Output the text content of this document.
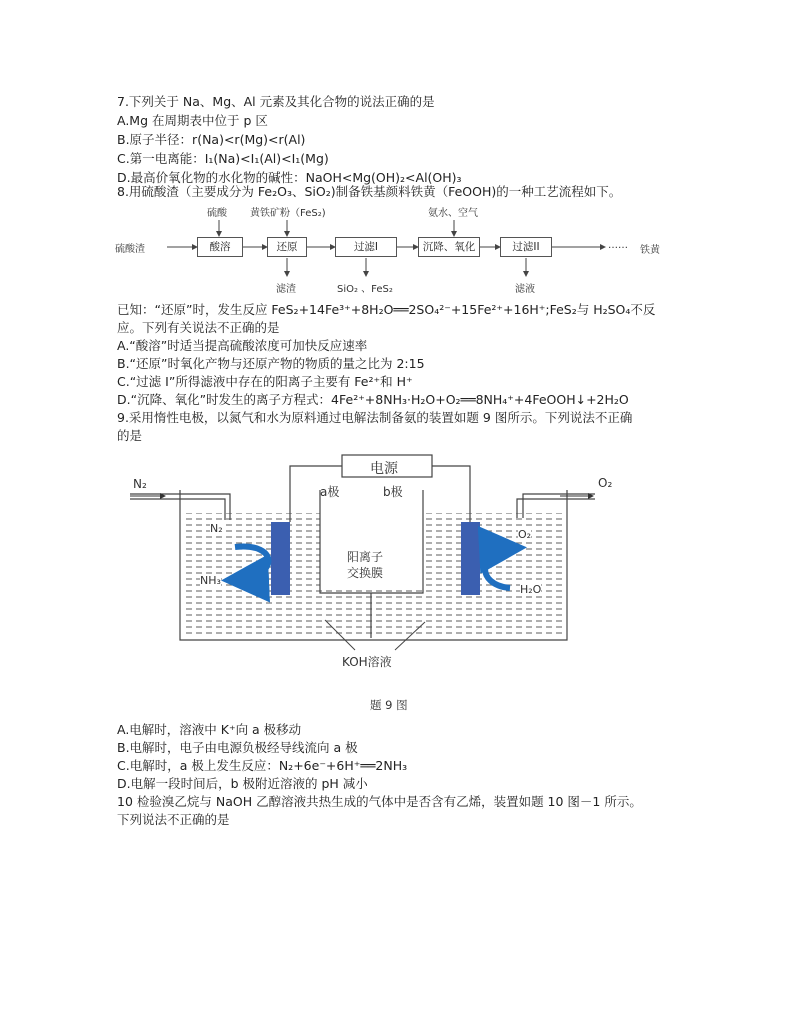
7.下列关于 Na、Mg、Al 元素及其化合物的说法正确的是
A.Mg 在周期表中位于 p 区
B.原子半径：r(Na)<r(Mg)<r(Al)
C.第一电离能：I₁(Na)<I₁(Al)<I₁(Mg)
D.最高价氧化物的水化物的碱性：NaOH<Mg(OH)₂<Al(OH)₃
8.用硫酸渣（主要成分为 Fe₂O₃、SiO₂)制备铁基颜料铁黄（FeOOH)的一种工艺流程如下。
硫酸渣	酸溶	还原	过滤I	沉降、氧化	过滤II	…… 铁黄
硫酸 黄铁矿粉（FeS₂)	氨水、空气
滤渣	SiO₂ 、FeS₂	滤液
已知：“还原”时，发生反应 FeS₂+14Fe³⁺+8H₂O══2SO₄²⁻+15Fe²⁺+16H⁺;FeS₂与 H₂SO₄不反
应。下列有关说法不正确的是
A.“酸溶”时适当提高硫酸浓度可加快反应速率
B.“还原”时氧化产物与还原产物的物质的量之比为 2:15
C.“过滤 I”所得滤液中存在的阳离子主要有 Fe²⁺和 H⁺
D.“沉降、氧化”时发生的离子方程式：4Fe²⁺+8NH₃·H₂O+O₂══8NH₄⁺+4FeOOH↓+2H₂O
9.采用惰性电极，以氮气和水为原料通过电解法制备氨的装置如题 9 图所示。下列说法不正确
的是
电源
N₂	O₂
a极	b极
N₂
NH₃
O₂
H₂O
阳离子
交换膜
KOH溶液
题 9 图
A.电解时，溶液中 K⁺向 a 极移动
B.电解时，电子由电源负极经导线流向 a 极
C.电解时，a 极上发生反应：N₂+6e⁻+6H⁺══2NH₃
D.电解一段时间后，b 极附近溶液的 pH 减小
10 检验溴乙烷与 NaOH 乙醇溶液共热生成的气体中是否含有乙烯，装置如题 10 图－1 所示。
下列说法不正确的是
